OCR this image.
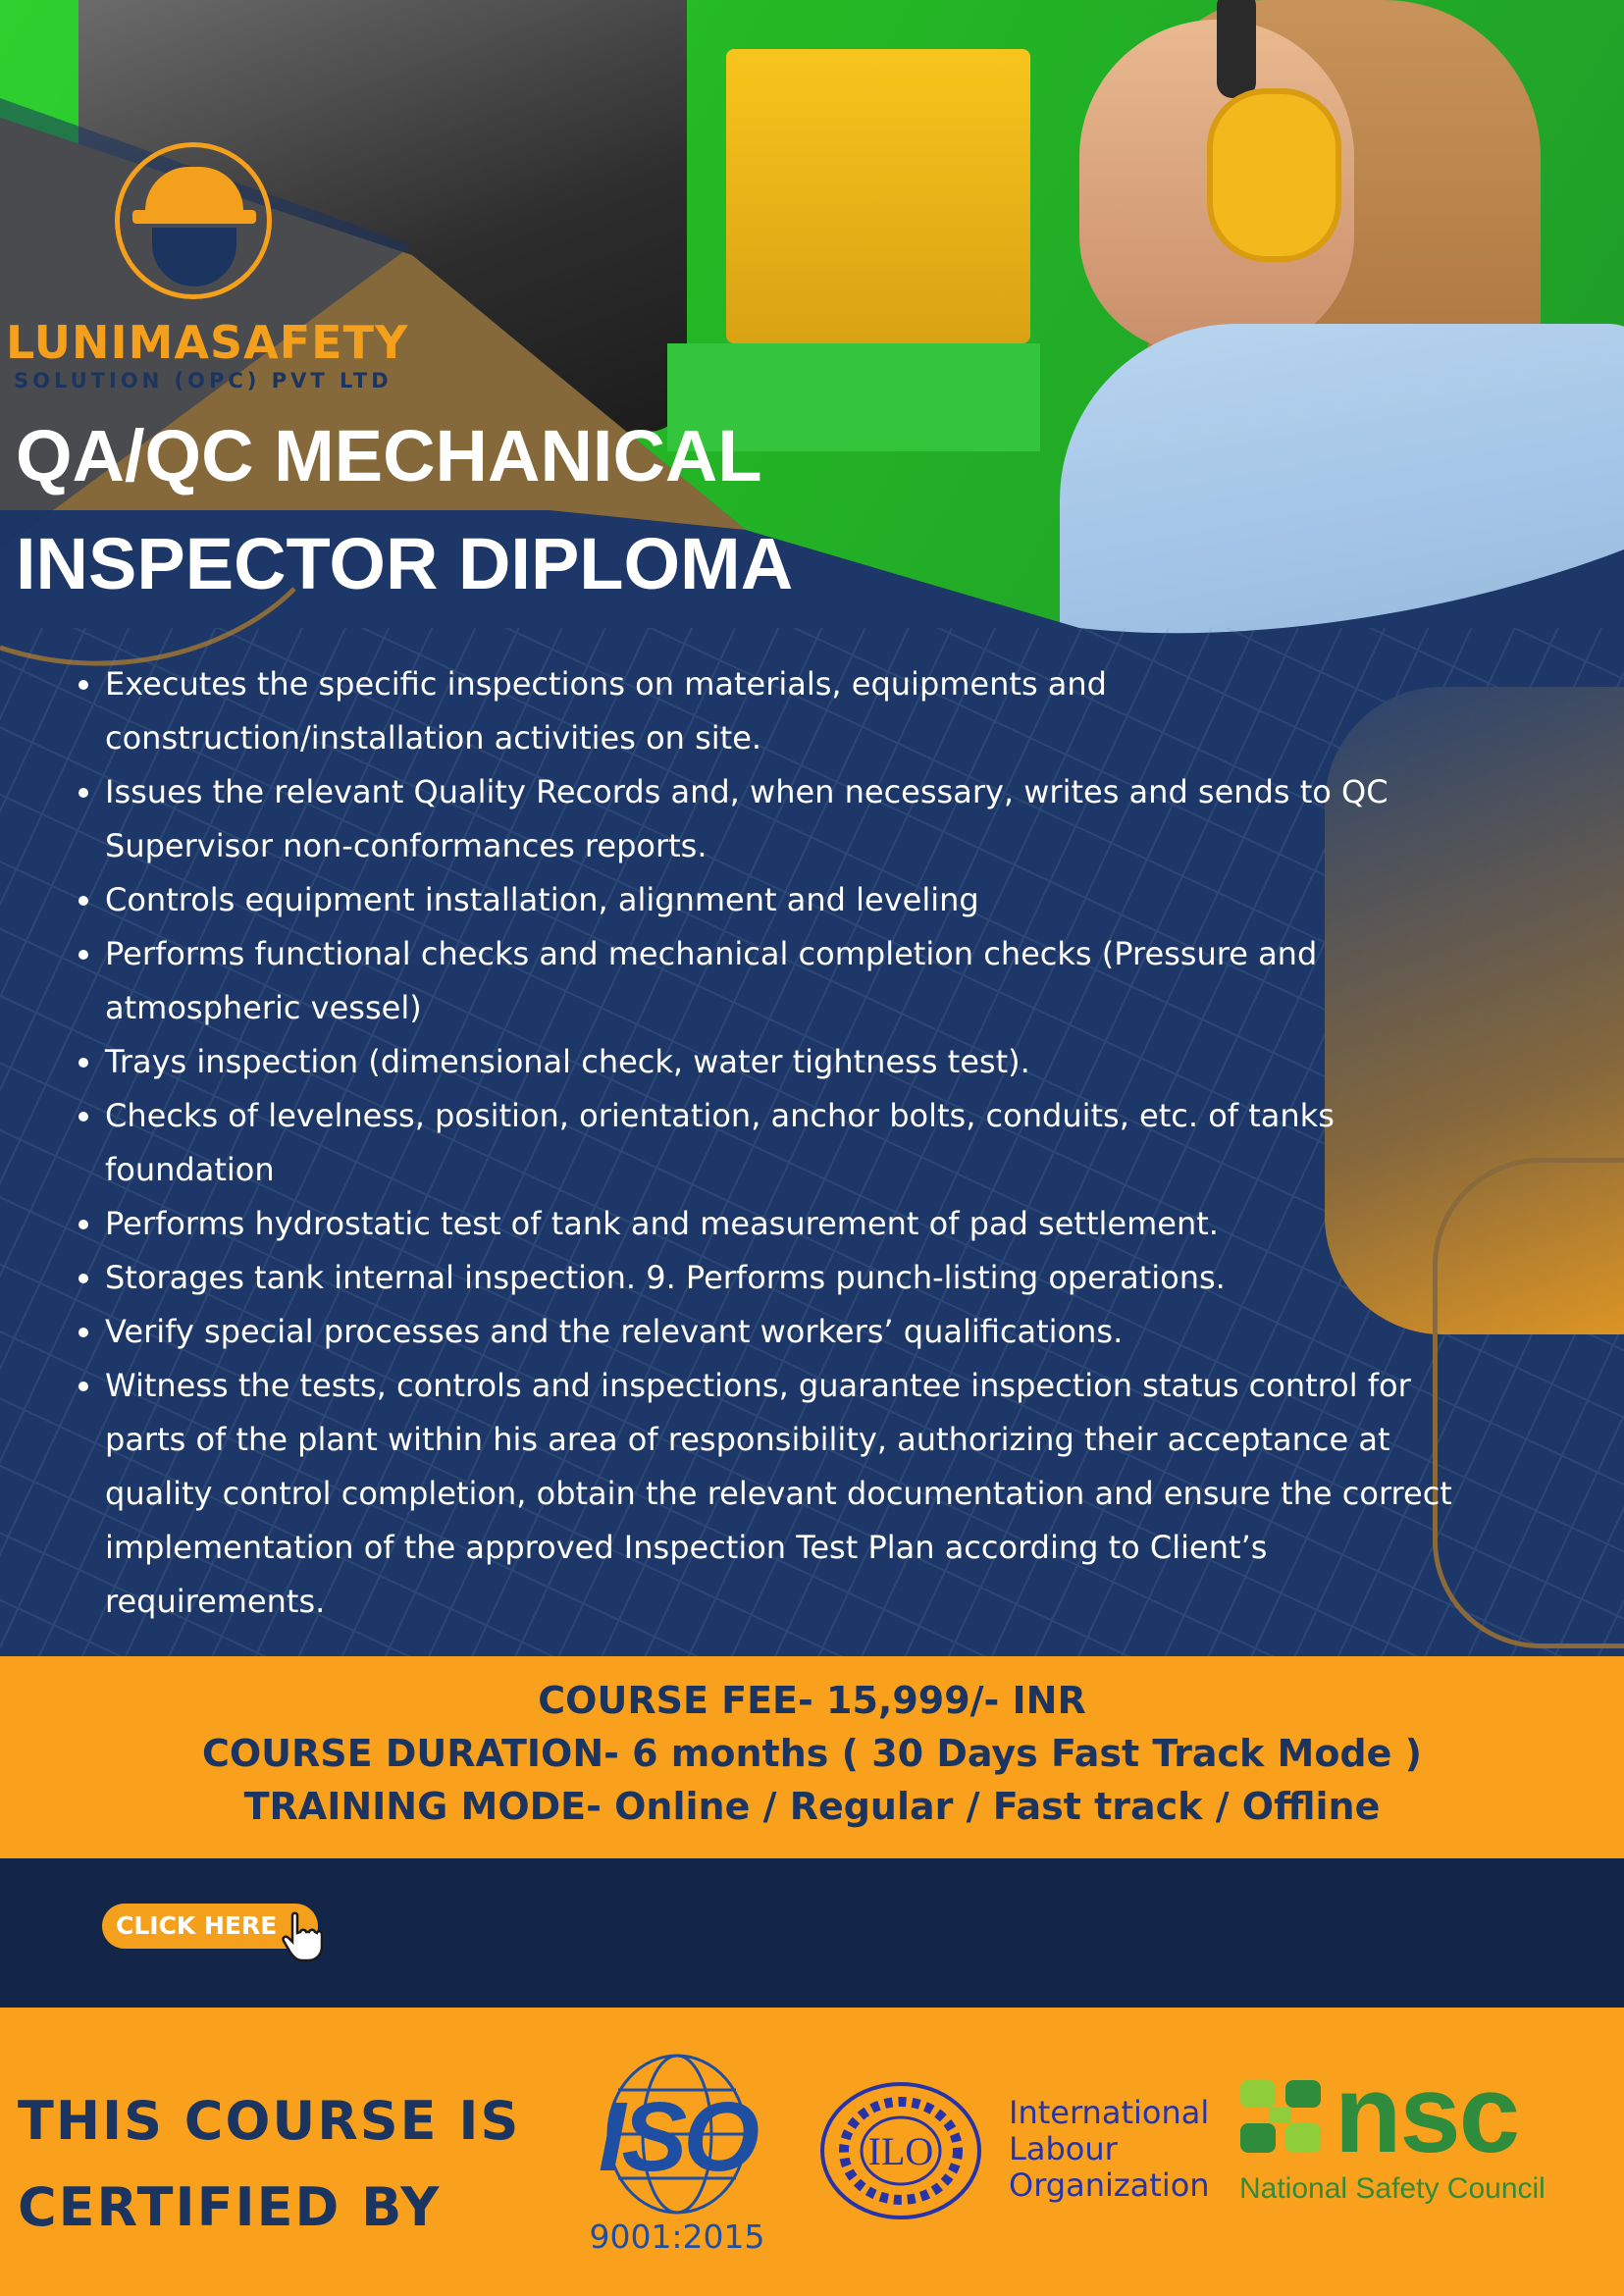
LUNIMASAFETY
SOLUTION (OPC) PVT LTD
QA/QC MECHANICAL
INSPECTOR DIPLOMA
• Executes the specific inspections on materials, equipments and construction/installation activities on site.
• Issues the relevant Quality Records and, when necessary, writes and sends to QC Supervisor non-conformances reports.
• Controls equipment installation, alignment and leveling
• Performs functional checks and mechanical completion checks (Pressure and atmospheric vessel)
• Trays inspection (dimensional check, water tightness test).
• Checks of levelness, position, orientation, anchor bolts, conduits, etc. of tanks foundation
• Performs hydrostatic test of tank and measurement of pad settlement.
• Storages tank internal inspection. 9. Performs punch-listing operations.
• Verify special processes and the relevant workers’ qualifications.
• Witness the tests, controls and inspections, guarantee inspection status control for parts of the plant within his area of responsibility, authorizing their acceptance at quality control completion, obtain the relevant documentation and ensure the correct implementation of the approved Inspection Test Plan according to Client’s requirements.
COURSE FEE- 15,999/- INR
COURSE DURATION- 6 months ( 30 Days Fast Track Mode )
TRAINING MODE- Online / Regular / Fast track / Offline
CLICK HERE
THIS COURSE IS
CERTIFIED BY
ISO
9001:2015
ILO
International
Labour
Organization
nsc
National Safety Council
